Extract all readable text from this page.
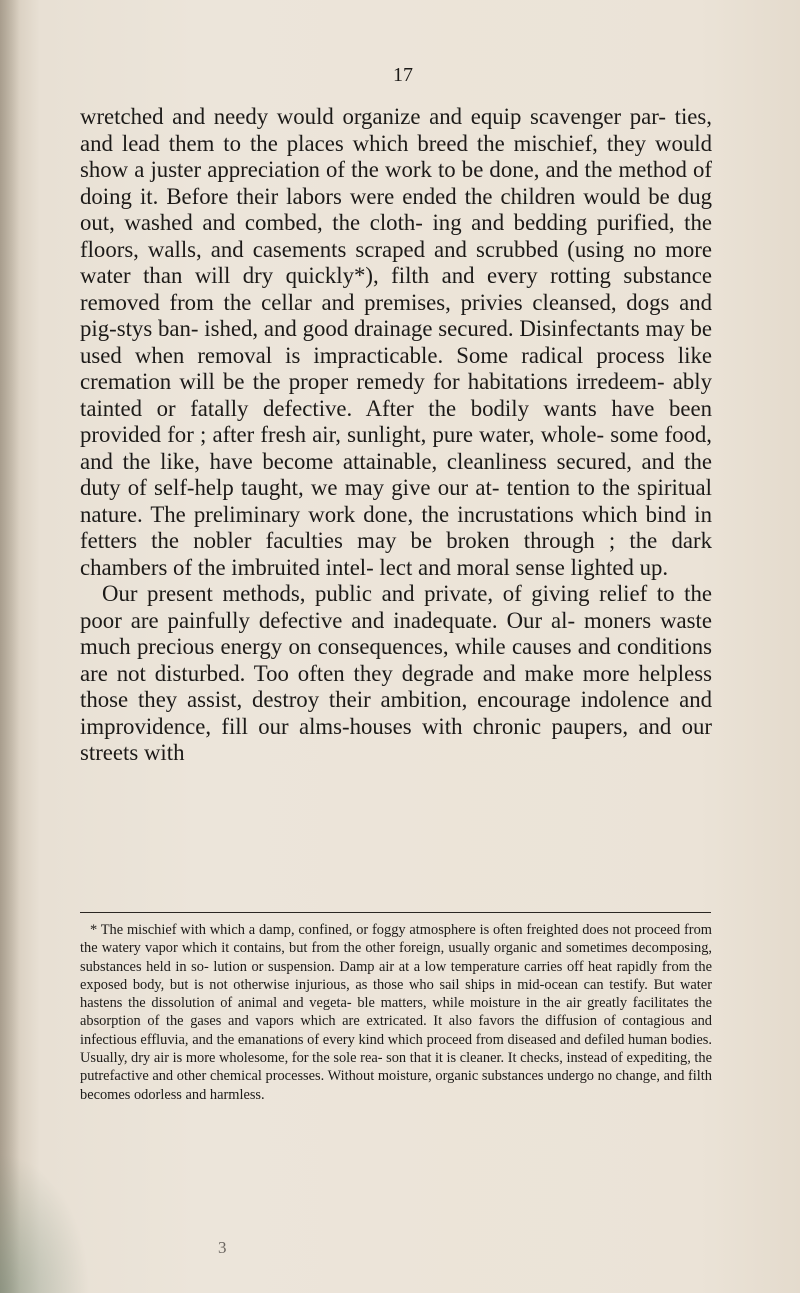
17

wretched and needy would organize and equip scavenger par- ties, and lead them to the places which breed the mischief, they would show a juster appreciation of the work to be done, and the method of doing it. Before their labors were ended the children would be dug out, washed and combed, the cloth- ing and bedding purified, the floors, walls, and casements scraped and scrubbed (using no more water than will dry quickly*), filth and every rotting substance removed from the cellar and premises, privies cleansed, dogs and pig-stys ban- ished, and good drainage secured. Disinfectants may be used when removal is impracticable. Some radical process like cremation will be the proper remedy for habitations irredeem- ably tainted or fatally defective. After the bodily wants have been provided for ; after fresh air, sunlight, pure water, whole- some food, and the like, have become attainable, cleanliness secured, and the duty of self-help taught, we may give our at- tention to the spiritual nature. The preliminary work done, the incrustations which bind in fetters the nobler faculties may be broken through ; the dark chambers of the imbruited intel- lect and moral sense lighted up.

Our present methods, public and private, of giving relief to the poor are painfully defective and inadequate. Our al- moners waste much precious energy on consequences, while causes and conditions are not disturbed. Too often they degrade and make more helpless those they assist, destroy their ambition, encourage indolence and improvidence, fill our alms-houses with chronic paupers, and our streets with

* The mischief with which a damp, confined, or foggy atmosphere is often freighted does not proceed from the watery vapor which it contains, but from the other foreign, usually organic and sometimes decomposing, substances held in so- lution or suspension. Damp air at a low temperature carries off heat rapidly from the exposed body, but is not otherwise injurious, as those who sail ships in mid-ocean can testify. But water hastens the dissolution of animal and vegeta- ble matters, while moisture in the air greatly facilitates the absorption of the gases and vapors which are extricated. It also favors the diffusion of contagious and infectious effluvia, and the emanations of every kind which proceed from diseased and defiled human bodies. Usually, dry air is more wholesome, for the sole rea- son that it is cleaner. It checks, instead of expediting, the putrefactive and other chemical processes. Without moisture, organic substances undergo no change, and filth becomes odorless and harmless.
3
